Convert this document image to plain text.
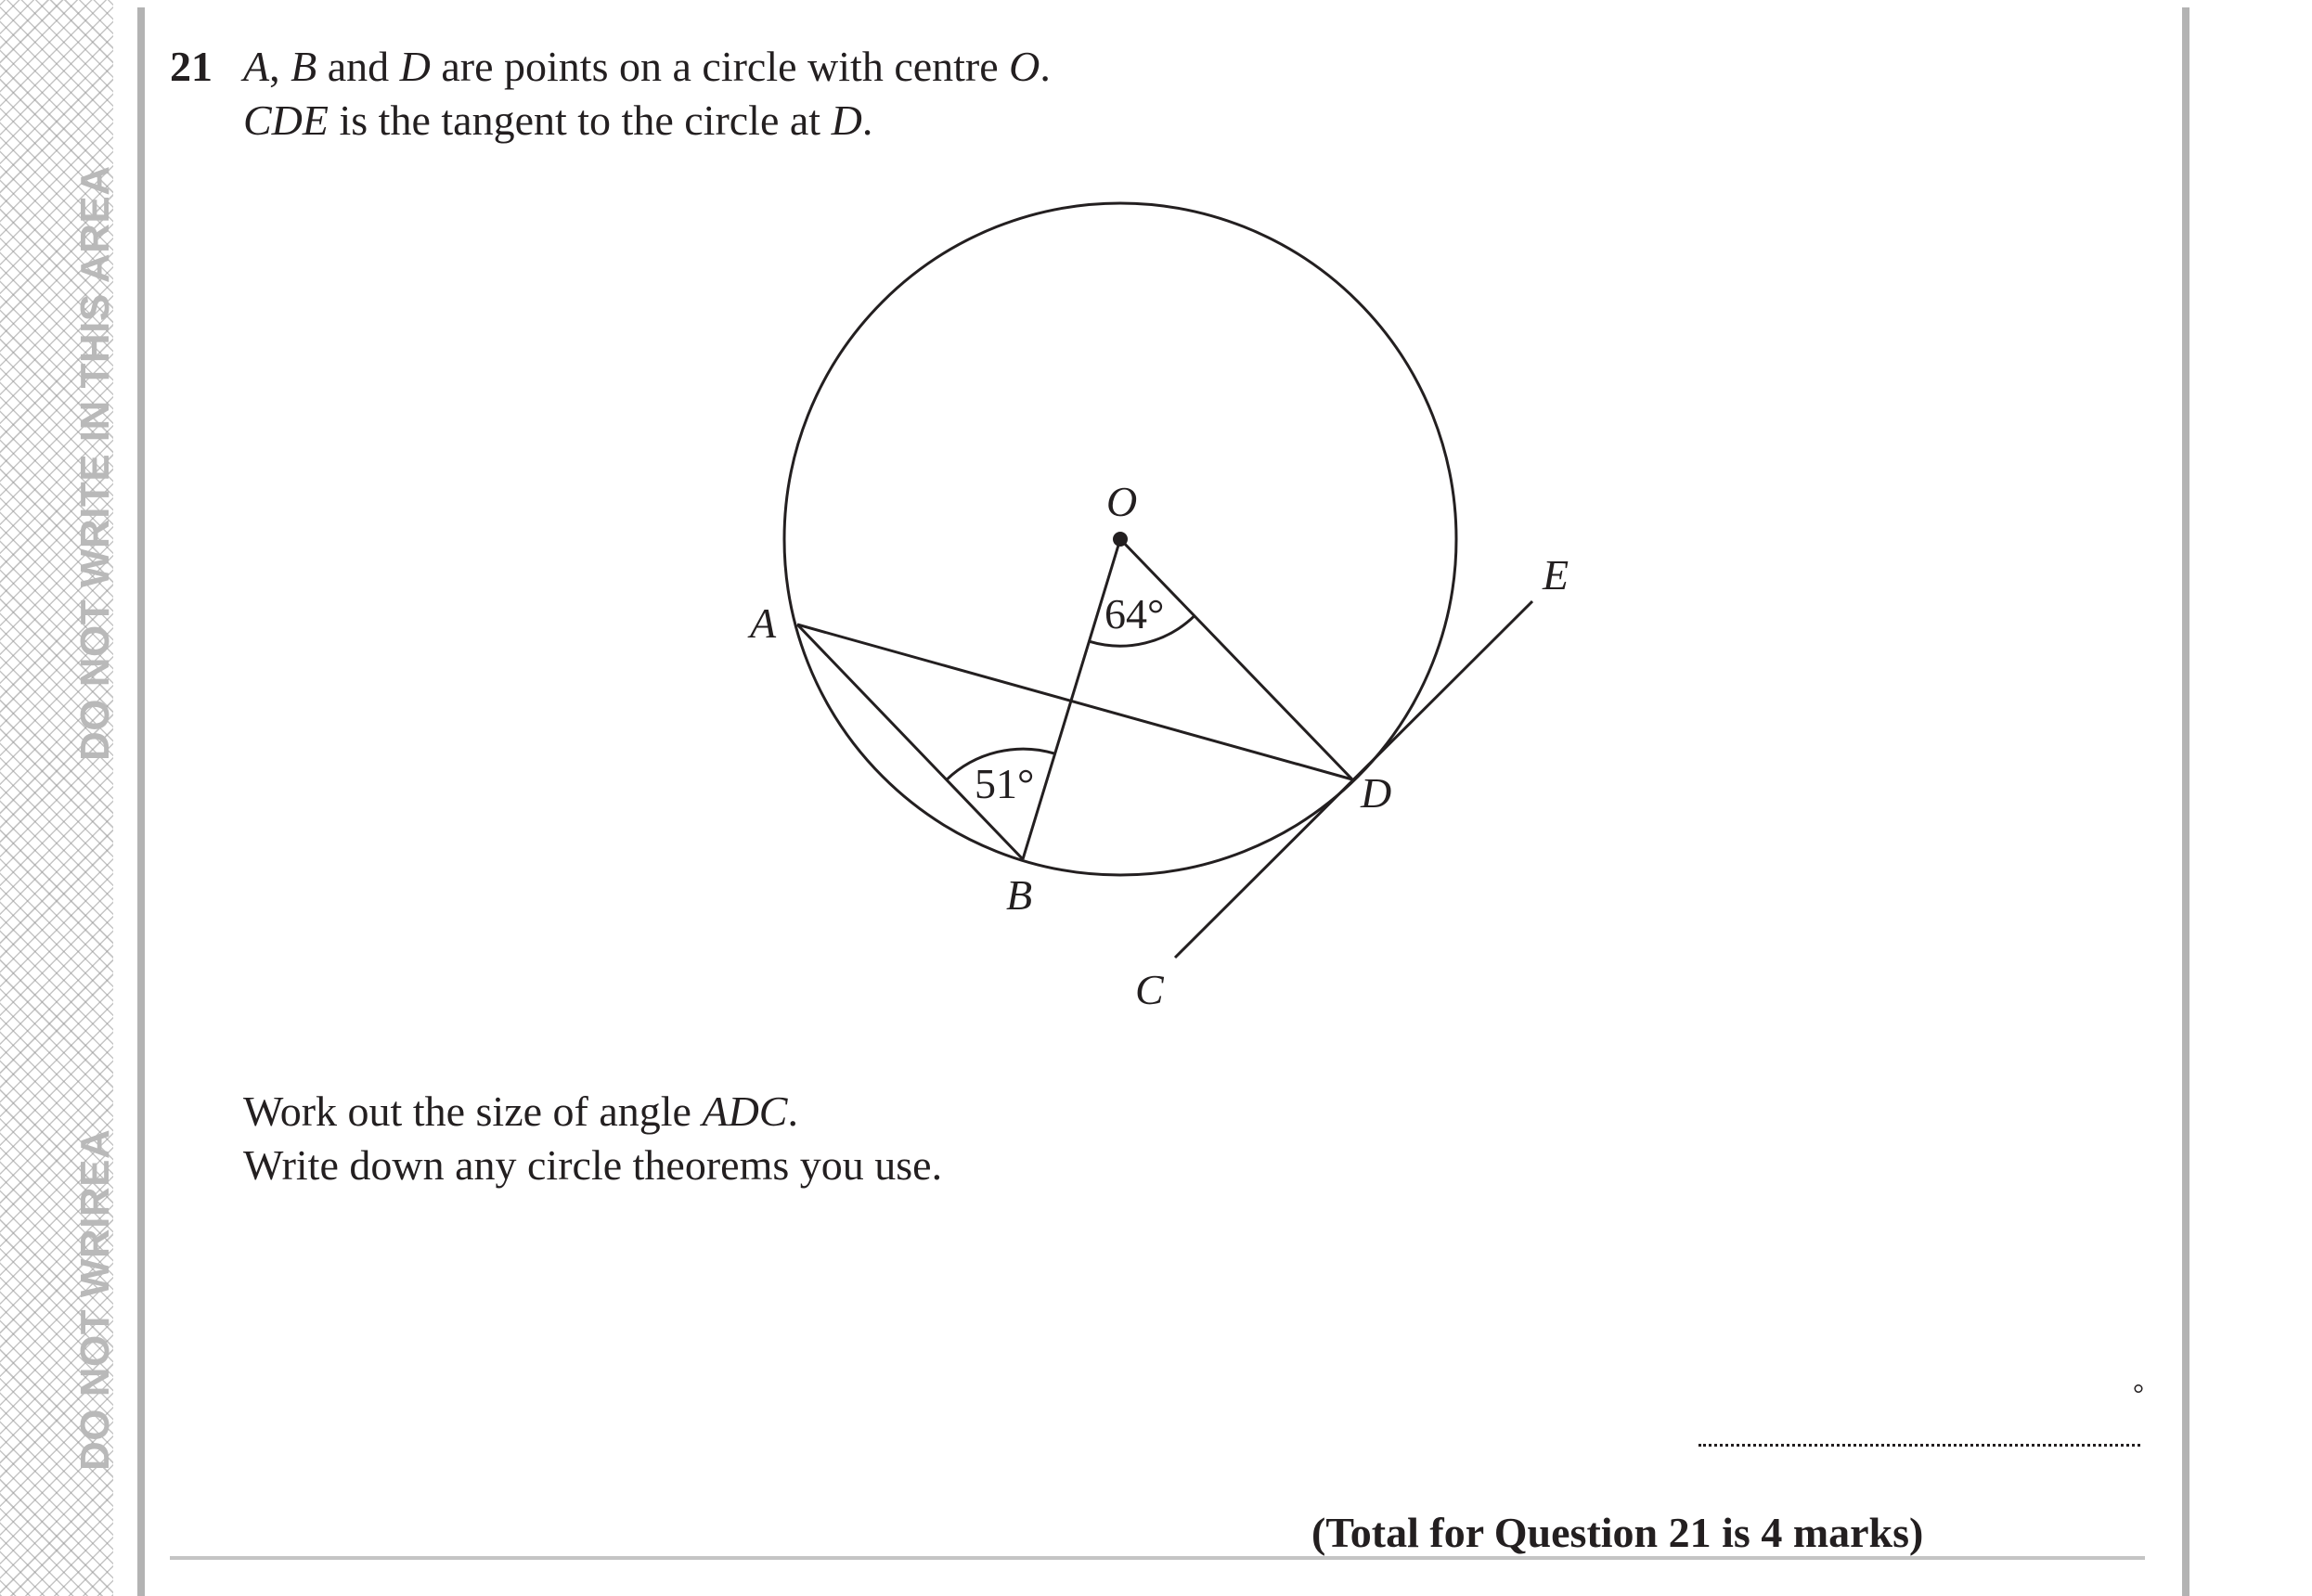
DO NOT WRITE IN THIS AREA
DO NOT WRIREA
21 A, B and D are points on a circle with centre O.
CDE is the tangent to the circle at D.
O
A
B
C
D
E
64°
51°
Work out the size of angle ADC.
Write down any circle theorems you use.
°
(Total for Question 21 is 4 marks)
